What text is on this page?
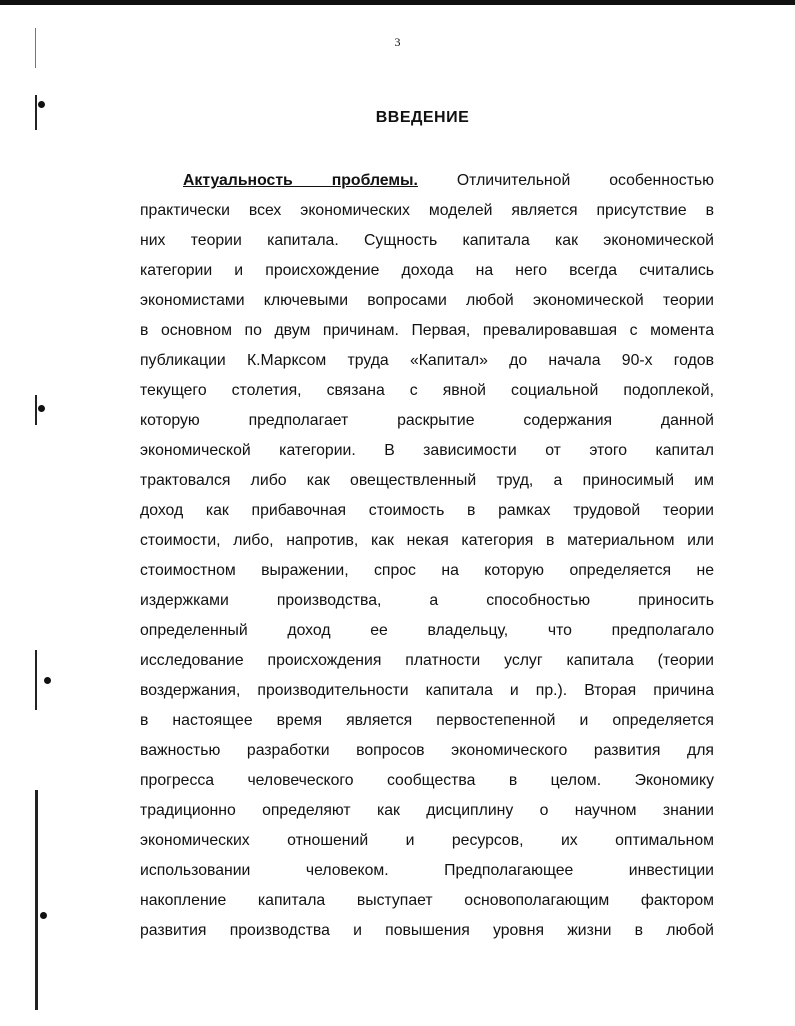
3
ВВЕДЕНИЕ
Актуальность проблемы. Отличительной особенностью
практически всех экономических моделей является присутствие в
них теории капитала. Сущность капитала как экономической
категории и происхождение дохода на него всегда считались
экономистами ключевыми вопросами любой экономической теории
в основном по двум причинам. Первая, превалировавшая с момента
публикации К.Марксом труда «Капитал» до начала 90-х годов
текущего столетия, связана с явной социальной подоплекой,
которую предполагает раскрытие содержания данной
экономической категории. В зависимости от этого капитал
трактовался либо как овеществленный труд, а приносимый им
доход как прибавочная стоимость в рамках трудовой теории
стоимости, либо, напротив, как некая категория в материальном или
стоимостном выражении, спрос на которую определяется не
издержками производства, а способностью приносить
определенный доход ее владельцу, что предполагало
исследование происхождения платности услуг капитала (теории
воздержания, производительности капитала и пр.). Вторая причина
в настоящее время является первостепенной и определяется
важностью разработки вопросов экономического развития для
прогресса человеческого сообщества в целом. Экономику
традиционно определяют как дисциплину о научном знании
экономических отношений и ресурсов, их оптимальном
использовании человеком. Предполагающее инвестиции
накопление капитала выступает основополагающим фактором
развития производства и повышения уровня жизни в любой
